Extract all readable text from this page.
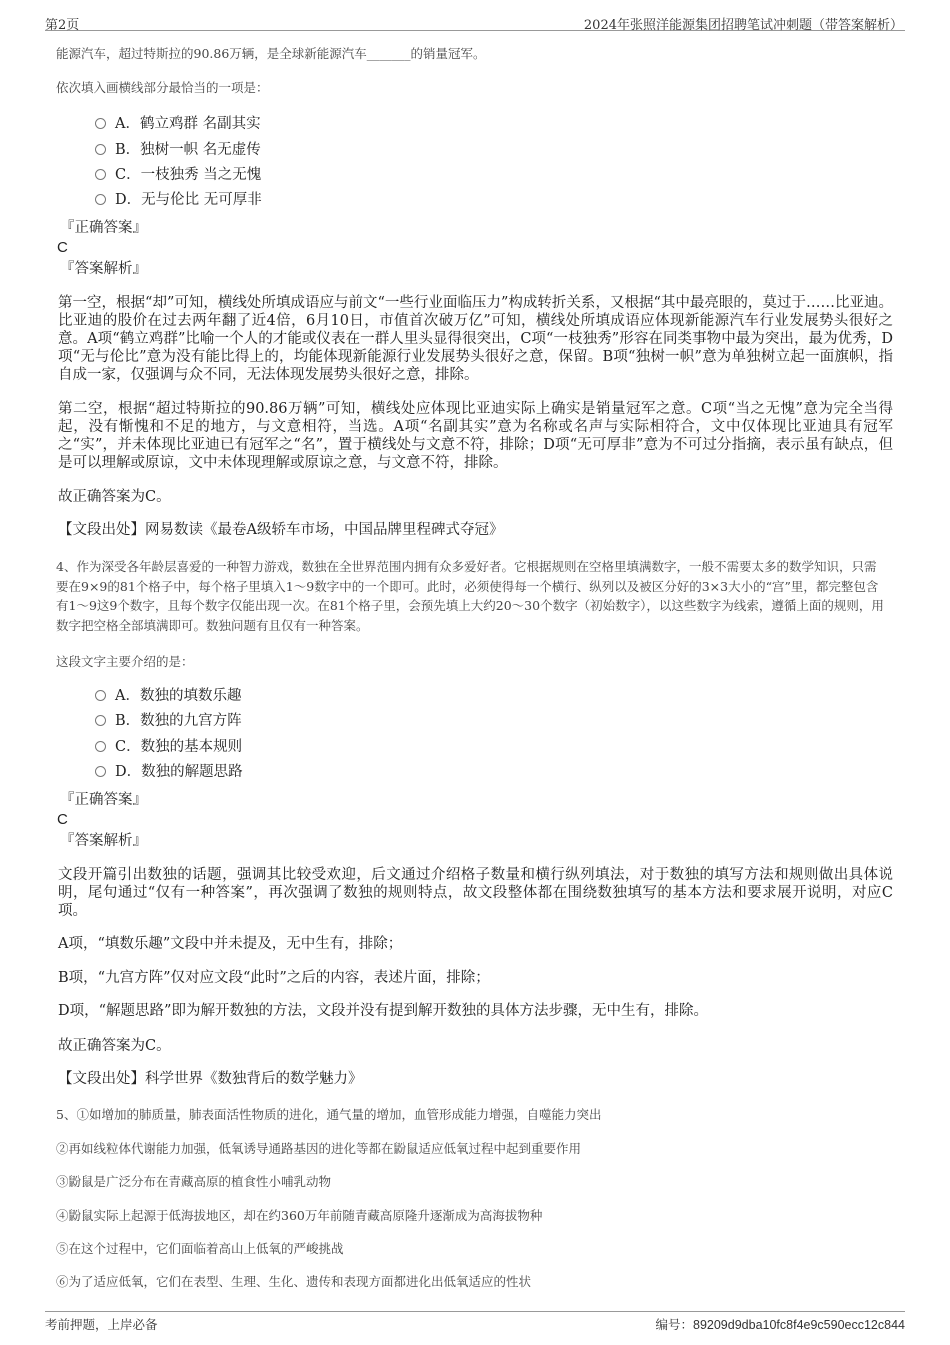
第2页	2024年张照洋能源集团招聘笔试冲刺题（带答案解析）
能源汽车，超过特斯拉的90.86万辆，是全球新能源汽车_______的销量冠军。
依次填入画横线部分最恰当的一项是：
A．鹤立鸡群 名副其实
B．独树一帜 名无虚传
C．一枝独秀 当之无愧
D．无与伦比 无可厚非
『正确答案』
C
『答案解析』
第一空，根据“却”可知，横线处所填成语应与前文“一些行业面临压力”构成转折关系，又根据“其中最亮眼的，莫过于……比亚迪。比亚迪的股价在过去两年翻了近4倍，6月10日，市值首次破万亿”可知，横线处所填成语应体现新能源汽车行业发展势头很好之意。A项“鹤立鸡群”比喻一个人的才能或仪表在一群人里头显得很突出，C项“一枝独秀”形容在同类事物中最为突出，最为优秀，D项“无与伦比”意为没有能比得上的，均能体现新能源行业发展势头很好之意，保留。B项“独树一帜”意为单独树立起一面旗帜，指自成一家，仅强调与众不同，无法体现发展势头很好之意，排除。
第二空，根据“超过特斯拉的90.86万辆”可知，横线处应体现比亚迪实际上确实是销量冠军之意。C项“当之无愧”意为完全当得起，没有惭愧和不足的地方，与文意相符，当选。A项“名副其实”意为名称或名声与实际相符合，文中仅体现比亚迪具有冠军之“实”，并未体现比亚迪已有冠军之“名”，置于横线处与文意不符，排除；D项“无可厚非”意为不可过分指摘，表示虽有缺点，但是可以理解或原谅，文中未体现理解或原谅之意，与文意不符，排除。
故正确答案为C。
【文段出处】网易数读《最卷A级轿车市场，中国品牌里程碑式夺冠》
4、作为深受各年龄层喜爱的一种智力游戏，数独在全世界范围内拥有众多爱好者。它根据规则在空格里填满数字，一般不需要太多的数学知识，只需要在9×9的81个格子中，每个格子里填入1～9数字中的一个即可。此时，必须使得每一个横行、纵列以及被区分好的3×3大小的“宫”里，都完整包含有1～9这9个数字，且每个数字仅能出现一次。在81个格子里，会预先填上大约20～30个数字（初始数字），以这些数字为线索，遵循上面的规则，用数字把空格全部填满即可。数独问题有且仅有一种答案。
这段文字主要介绍的是：
A．数独的填数乐趣
B．数独的九宫方阵
C．数独的基本规则
D．数独的解题思路
『正确答案』
C
『答案解析』
文段开篇引出数独的话题，强调其比较受欢迎，后文通过介绍格子数量和横行纵列填法，对于数独的填写方法和规则做出具体说明，尾句通过“仅有一种答案”，再次强调了数独的规则特点，故文段整体都在围绕数独填写的基本方法和要求展开说明，对应C项。
A项，“填数乐趣”文段中并未提及，无中生有，排除；
B项，“九宫方阵”仅对应文段“此时”之后的内容，表述片面，排除；
D项，“解题思路”即为解开数独的方法，文段并没有提到解开数独的具体方法步骤，无中生有，排除。
故正确答案为C。
【文段出处】科学世界《数独背后的数学魅力》
5、①如增加的肺质量，肺表面活性物质的进化，通气量的增加，血管形成能力增强，自噬能力突出
②再如线粒体代谢能力加强，低氧诱导通路基因的进化等都在鼢鼠适应低氧过程中起到重要作用
③鼢鼠是广泛分布在青藏高原的植食性小哺乳动物
④鼢鼠实际上起源于低海拔地区，却在约360万年前随青藏高原隆升逐渐成为高海拔物种
⑤在这个过程中，它们面临着高山上低氧的严峻挑战
⑥为了适应低氧，它们在表型、生理、生化、遗传和表现方面都进化出低氧适应的性状
考前押题，上岸必备	编号：89209d9dba10fc8f4e9c590ecc12c844
